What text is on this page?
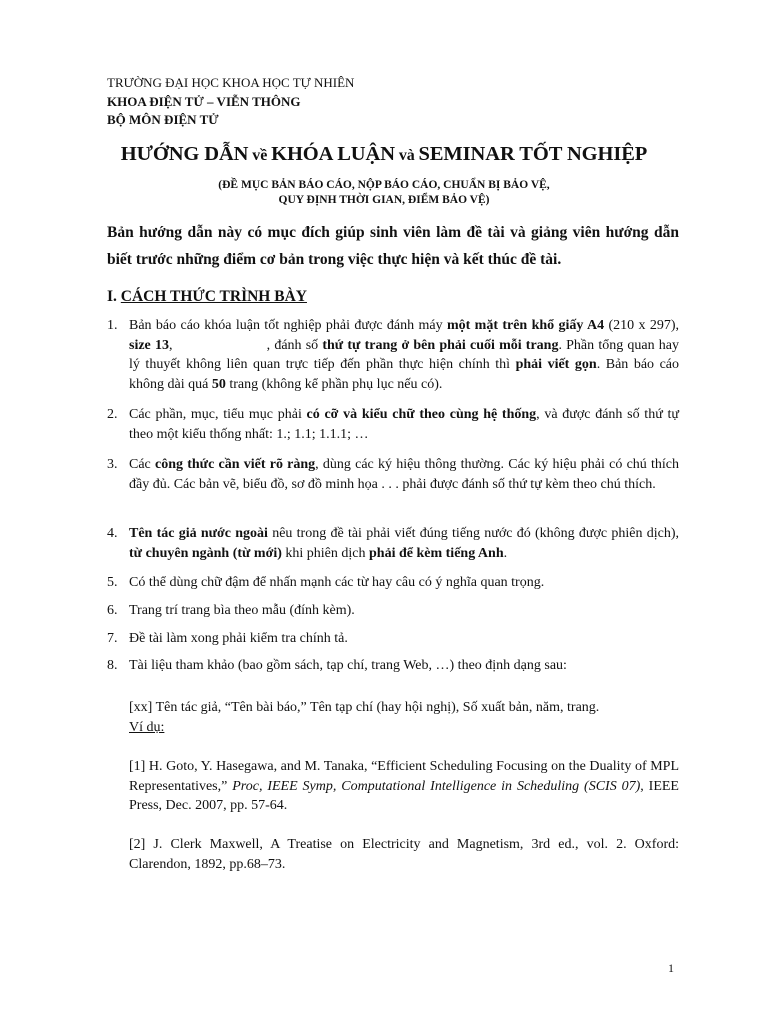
TRƯỜNG ĐẠI HỌC KHOA HỌC TỰ NHIÊN
KHOA ĐIỆN TỬ – VIỄN THÔNG
BỘ MÔN ĐIỆN TỬ
HƯỚNG DẪN về KHÓA LUẬN và SEMINAR TỐT NGHIỆP
(ĐỀ MỤC BẢN BÁO CÁO, NỘP BÁO CÁO, CHUẨN BỊ BẢO VỆ,
QUY ĐỊNH THỜI GIAN, ĐIỂM BẢO VỆ)
Bản hướng dẫn này có mục đích giúp sinh viên làm đề tài và giảng viên hướng dẫn biết trước những điểm cơ bản trong việc thực hiện và kết thúc đề tài.
I. CÁCH THỨC TRÌNH BÀY
1. Bản báo cáo khóa luận tốt nghiệp phải được đánh máy một mặt trên khổ giấy A4 (210 x 297), size 13,	, đánh số thứ tự trang ở bên phải cuối mỗi trang. Phần tổng quan hay lý thuyết không liên quan trực tiếp đến phần thực hiện chính thì phải viết gọn. Bản báo cáo không dài quá 50 trang (không kể phần phụ lục nếu có).
2. Các phần, mục, tiểu mục phải có cỡ và kiểu chữ theo cùng hệ thống, và được đánh số thứ tự theo một kiểu thống nhất: 1.; 1.1; 1.1.1; …
3. Các công thức cần viết rõ ràng, dùng các ký hiệu thông thường. Các ký hiệu phải có chú thích đầy đủ. Các bản vẽ, biểu đồ, sơ đồ minh họa . . . phải được đánh số thứ tự kèm theo chú thích.
4. Tên tác giả nước ngoài nêu trong đề tài phải viết đúng tiếng nước đó (không được phiên dịch), từ chuyên ngành (từ mới) khi phiên dịch phải để kèm tiếng Anh.
5. Có thể dùng chữ đậm để nhấn mạnh các từ hay câu có ý nghĩa quan trọng.
6. Trang trí trang bìa theo mẫu (đính kèm).
7. Đề tài làm xong phải kiểm tra chính tả.
8. Tài liệu tham khảo (bao gồm sách, tạp chí, trang Web, …) theo định dạng sau:
[xx] Tên tác giả, “Tên bài báo,” Tên tạp chí (hay hội nghị), Số xuất bản, năm, trang.
Ví dụ:
[1] H. Goto, Y. Hasegawa, and M. Tanaka, “Efficient Scheduling Focusing on the Duality of MPL Representatives,” Proc, IEEE Symp, Computational Intelligence in Scheduling (SCIS 07), IEEE Press, Dec. 2007, pp. 57-64.
[2] J. Clerk Maxwell, A Treatise on Electricity and Magnetism, 3rd ed., vol. 2. Oxford: Clarendon, 1892, pp.68–73.
1
